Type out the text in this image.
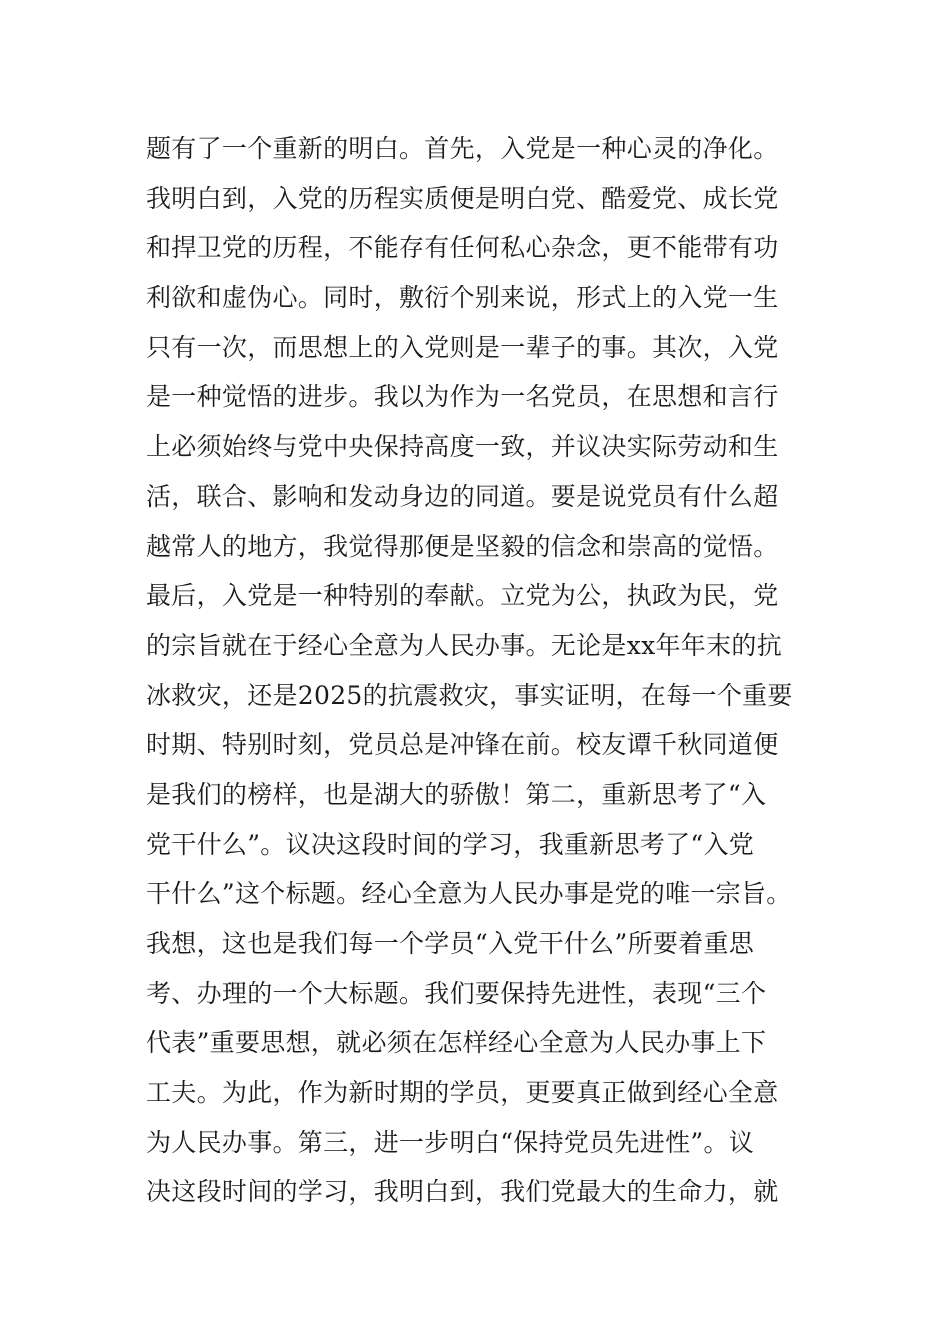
题有了一个重新的明白。首先，入党是一种心灵的净化。
我明白到，入党的历程实质便是明白党、酷爱党、成长党
和捍卫党的历程，不能存有任何私心杂念，更不能带有功
利欲和虚伪心。同时，敷衍个别来说，形式上的入党一生
只有一次，而思想上的入党则是一辈子的事。其次，入党
是一种觉悟的进步。我以为作为一名党员，在思想和言行
上必须始终与党中央保持高度一致，并议决实际劳动和生
活，联合、影响和发动身边的同道。要是说党员有什么超
越常人的地方，我觉得那便是坚毅的信念和崇高的觉悟。
最后，入党是一种特别的奉献。立党为公，执政为民，党
的宗旨就在于经心全意为人民办事。无论是xx年年末的抗
冰救灾，还是2025的抗震救灾，事实证明，在每一个重要
时期、特别时刻，党员总是冲锋在前。校友谭千秋同道便
是我们的榜样，也是湖大的骄傲！第二，重新思考了“入
党干什么”。议决这段时间的学习，我重新思考了“入党
干什么”这个标题。经心全意为人民办事是党的唯一宗旨。
我想，这也是我们每一个学员“入党干什么”所要着重思
考、办理的一个大标题。我们要保持先进性，表现“三个
代表”重要思想，就必须在怎样经心全意为人民办事上下
工夫。为此，作为新时期的学员，更要真正做到经心全意
为人民办事。第三，进一步明白“保持党员先进性”。议
决这段时间的学习，我明白到，我们党最大的生命力，就
